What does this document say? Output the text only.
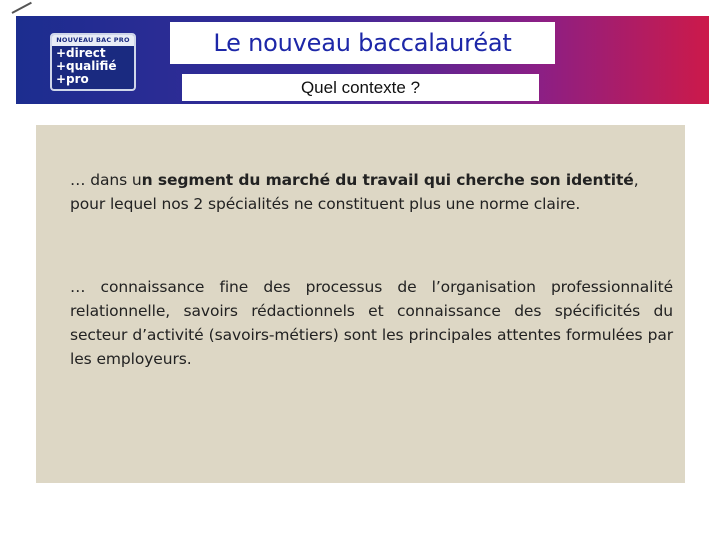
NOUVEAU BAC PRO
+direct
+qualifié
+pro
Le nouveau baccalauréat
Quel contexte ?
… dans un segment du marché du travail qui cherche son identité, pour lequel nos 2 spécialités ne constituent plus une norme claire.
… connaissance fine des processus de l’organisation professionnalité relationnelle, savoirs rédactionnels et connaissance des spécificités du secteur d’activité (savoirs-métiers) sont les principales attentes formulées par les employeurs.
